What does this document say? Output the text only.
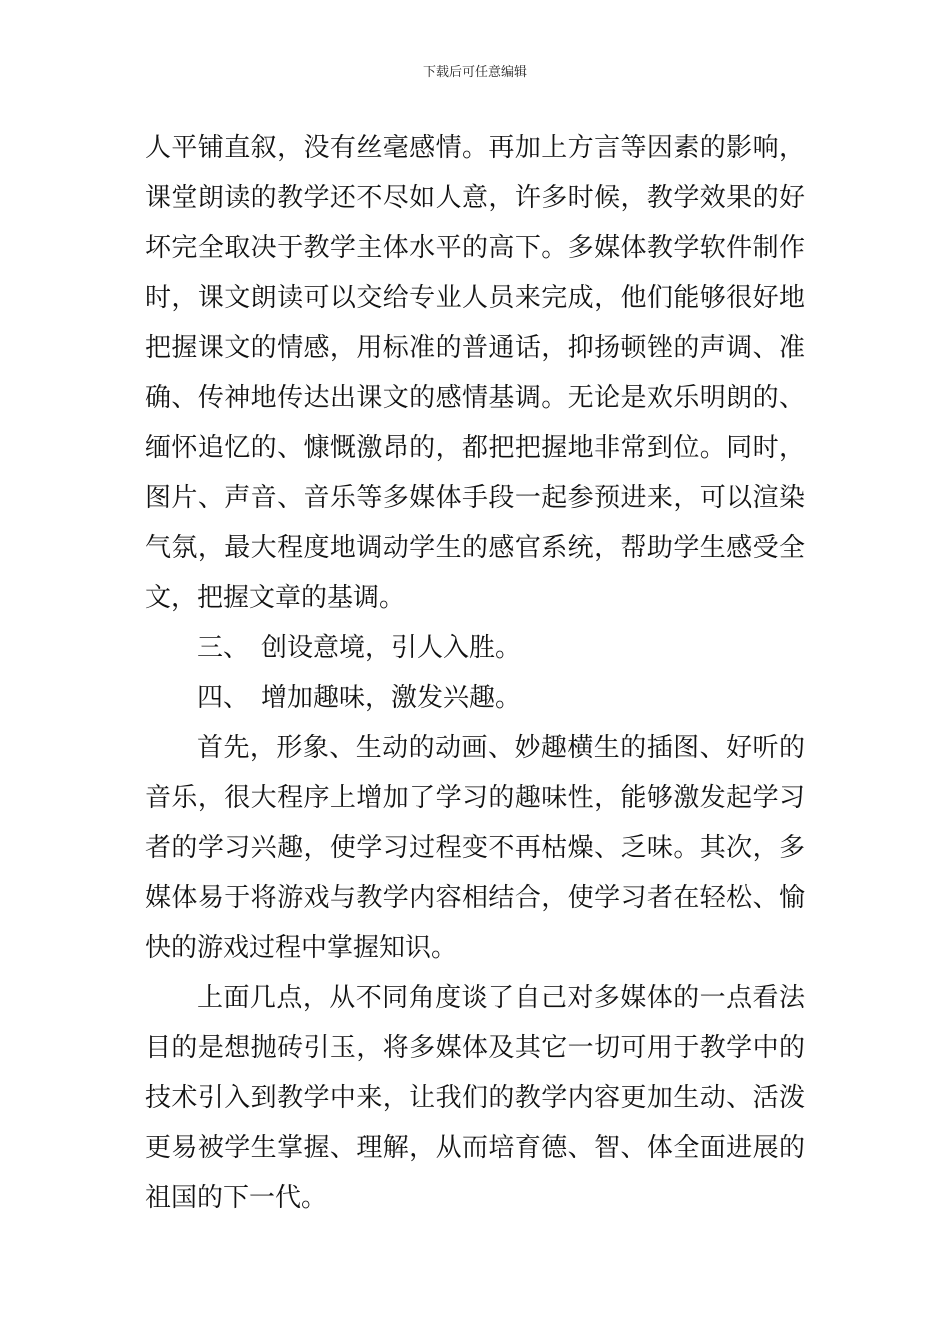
下载后可任意编辑
人平铺直叙，没有丝毫感情。再加上方言等因素的影响，
课堂朗读的教学还不尽如人意，许多时候，教学效果的好
坏完全取决于教学主体水平的高下。多媒体教学软件制作
时，课文朗读可以交给专业人员来完成，他们能够很好地
把握课文的情感，用标准的普通话，抑扬顿锉的声调、准
确、传神地传达出课文的感情基调。无论是欢乐明朗的、
缅怀追忆的、慷慨激昂的，都把把握地非常到位。同时，
图片、声音、音乐等多媒体手段一起参预进来，可以渲染
气氛，最大程度地调动学生的感官系统，帮助学生感受全
文，把握文章的基调。
三、 创设意境，引人入胜。
四、 增加趣味，激发兴趣。
首先，形象、生动的动画、妙趣横生的插图、好听的
音乐，很大程序上增加了学习的趣味性，能够激发起学习
者的学习兴趣，使学习过程变不再枯燥、乏味。其次，多
媒体易于将游戏与教学内容相结合，使学习者在轻松、愉
快的游戏过程中掌握知识。
上面几点，从不同角度谈了自己对多媒体的一点看法
目的是想抛砖引玉，将多媒体及其它一切可用于教学中的
技术引入到教学中来，让我们的教学内容更加生动、活泼
更易被学生掌握、理解，从而培育德、智、体全面进展的
祖国的下一代。
